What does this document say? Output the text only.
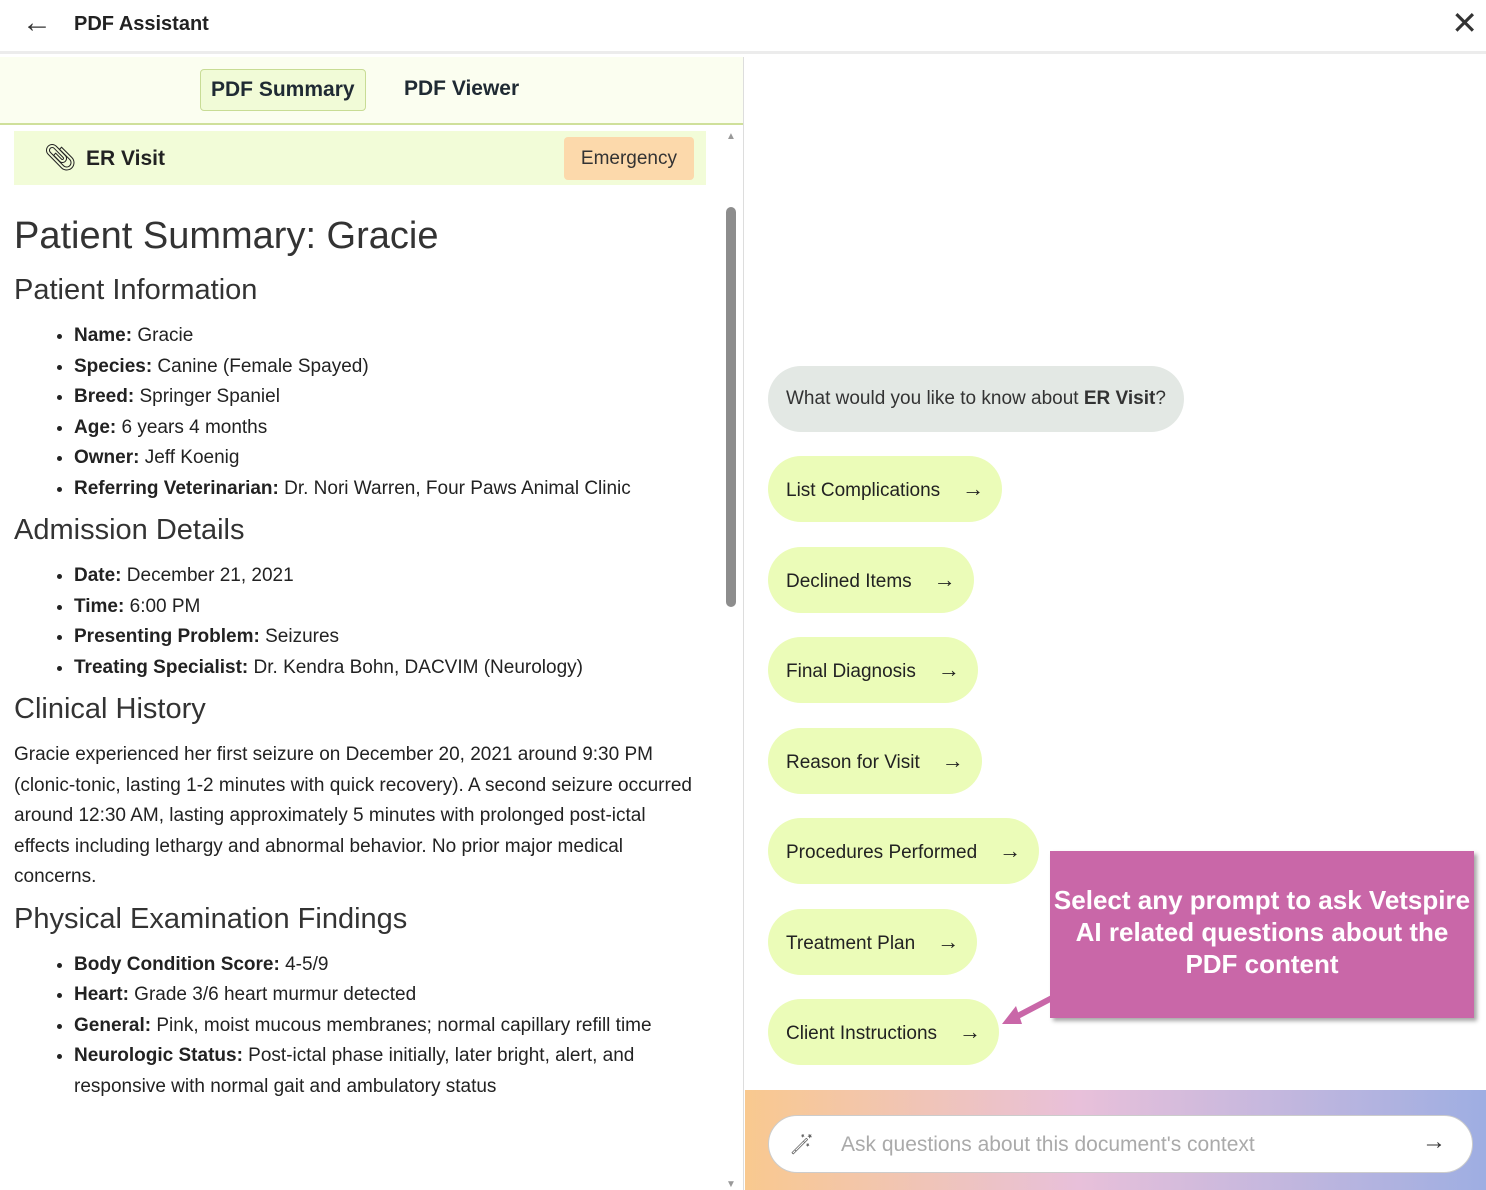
← PDF Assistant	✕
PDF Summary	PDF Viewer
📎︎ ER Visit	Emergency
Patient Summary: Gracie
Patient Information
• Name: Gracie
• Species: Canine (Female Spayed)
• Breed: Springer Spaniel
• Age: 6 years 4 months
• Owner: Jeff Koenig
• Referring Veterinarian: Dr. Nori Warren, Four Paws Animal Clinic
Admission Details
• Date: December 21, 2021
• Time: 6:00 PM
• Presenting Problem: Seizures
• Treating Specialist: Dr. Kendra Bohn, DACVIM (Neurology)
Clinical History

Gracie experienced her first seizure on December 20, 2021 around 9:30 PM (clonic-tonic, lasting 1-2 minutes with quick recovery). A second seizure occurred around 12:30 AM, lasting approximately 5 minutes with prolonged post-ictal effects including lethargy and abnormal behavior. No prior major medical concerns.

Physical Examination Findings
• Body Condition Score: 4-5/9
• Heart: Grade 3/6 heart murmur detected
• General: Pink, moist mucous membranes; normal capillary refill time
• Neurologic Status: Post-ictal phase initially, later bright, alert, and responsive with normal gait and ambulatory status
▲
▼
What would you like to know about ER Visit?
List Complications →
Declined Items →
Final Diagnosis →
Reason for Visit →
Procedures Performed →
Treatment Plan →
Client Instructions →
Select any prompt to ask Vetspire AI related questions about the PDF content
🪄︎
Ask questions about this document's context	→
